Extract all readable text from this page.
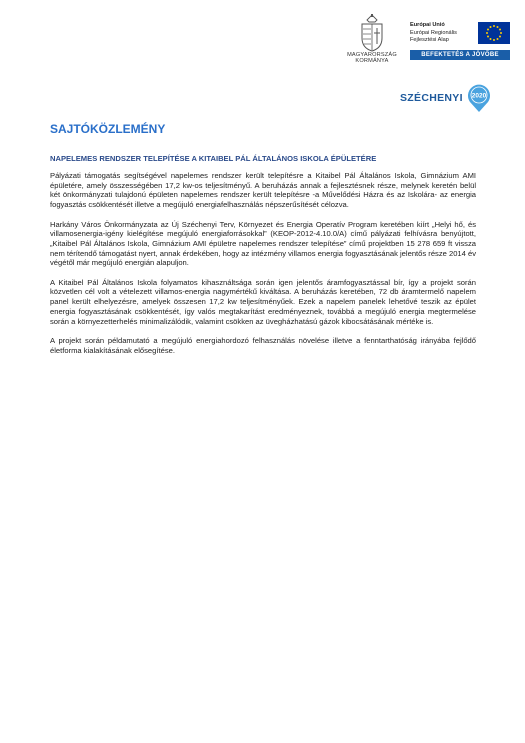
MAGYARORSZÁG
KORMÁNYA
Európai Unió
Európai Regionális
Fejlesztési Alap
BEFEKTETÉS A JÖVŐBE
SZÉCHENYI 2020
SAJTÓKÖZLEMÉNY
NAPELEMES RENDSZER TELEPÍTÉSE A KITAIBEL PÁL ÁLTALÁNOS ISKOLA ÉPÜLETÉRE

Pályázati támogatás segítségével napelemes rendszer került telepítésre a Kitaibel Pál Általános Iskola, Gimnázium AMI épületére, amely összességében 17,2 kw-os teljesítményű. A beruházás annak a fejlesztésnek része, melynek keretén belül két önkormányzati tulajdonú épületen napelemes rendszer került telepítésre -a Művelődési Házra és az Iskolára- az energia fogyasztás csökkentését illetve a megújuló energiafelhasználás népszerűsítését célozva.

Harkány Város Önkormányzata az Új Széchenyi Terv, Környezet és Energia Operatív Program keretében kiírt „Helyi hő, és villamosenergia-igény kielégítése megújuló energiaforrásokkal” (KEOP-2012-4.10.0/A) című pályázati felhívásra benyújtott, „Kitaibel Pál Általános Iskola, Gimnázium AMI épületre napelemes rendszer telepítése” című projektben 15 278 659 ft vissza nem térítendő támogatást nyert, annak érdekében, hogy az intézmény villamos energia fogyasztásának jelentős része 2014 év végétől már megújuló energián alapuljon.

A Kitaibel Pál Általános Iskola folyamatos kihasználtsága során igen jelentős áramfogyasztással bír, így a projekt során közvetlen cél volt a vételezett villamos-energia nagymértékű kiváltása. A beruházás keretében, 72 db áramtermelő napelem panel került elhelyezésre, amelyek összesen 17,2 kw teljesítményűek. Ezek a napelem panelek lehetővé teszik az épület energia fogyasztásának csökkentését, így valós megtakarítást eredményeznek, továbbá a megújuló energia megtermelése során a környezetterhelés minimalizálódik, valamint csökken az üvegházhatású gázok kibocsátásának mértéke is.

A projekt során példamutató a megújuló energiahordozó felhasználás növelése illetve a fenntarthatóság irányába fejlődő életforma kialakításának elősegítése.
